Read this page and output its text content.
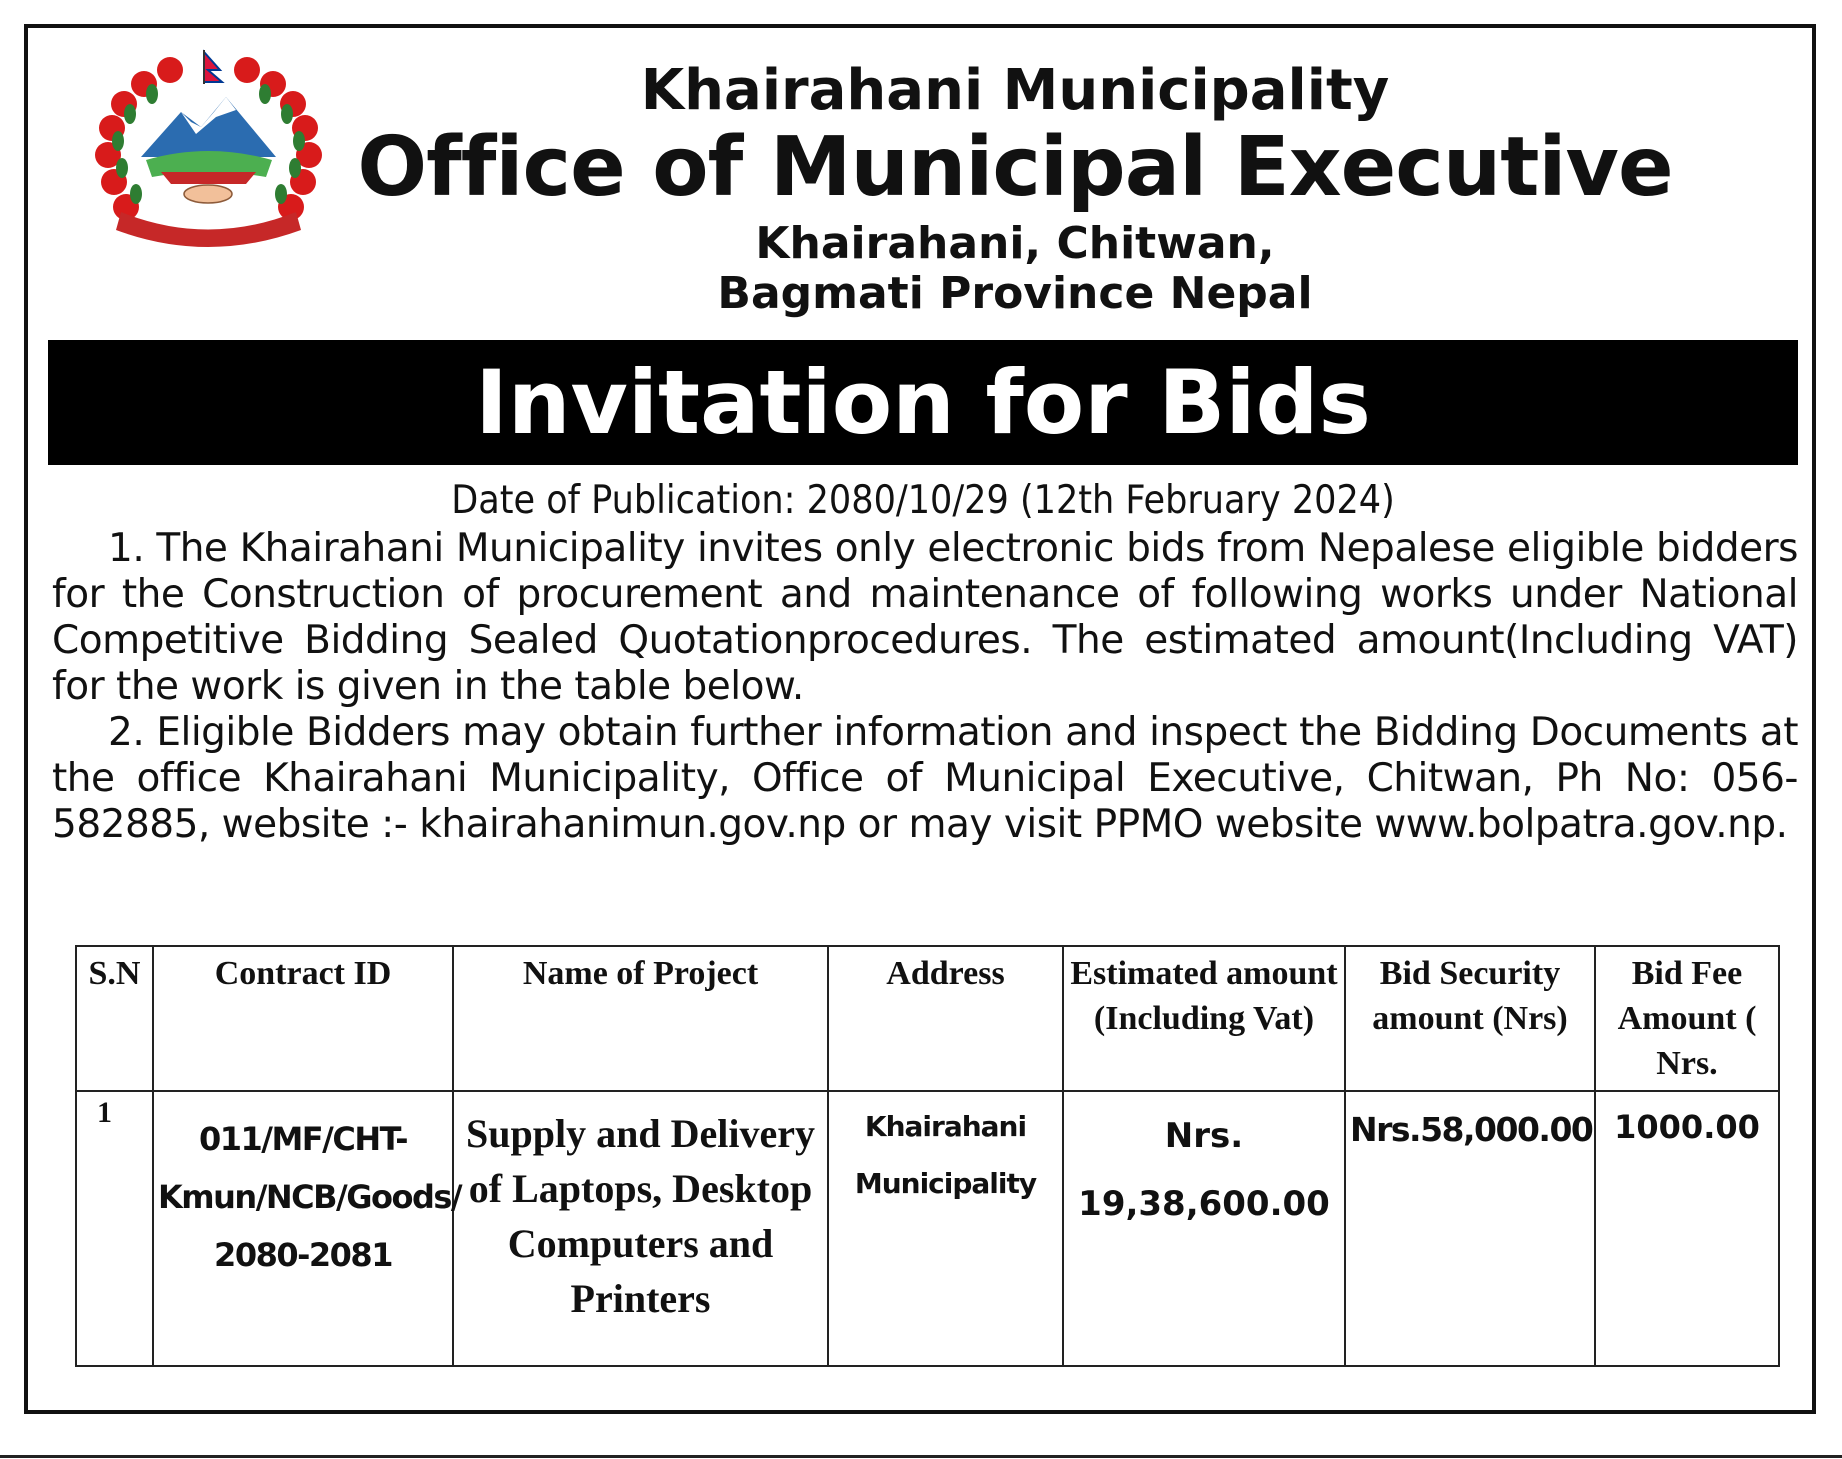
Khairahani Municipality
Office of Municipal Executive
Khairahani, Chitwan,
Bagmati Province Nepal
Invitation for Bids
Date of Publication: 2080/10/29 (12th February 2024)
1. The Khairahani Municipality invites only electronic bids from Nepalese eligible bidders for the Construction of procurement and maintenance of following works under National Competitive Bidding Sealed Quotationprocedures. The estimated amount(Including VAT) for the work is given in the table below.
2. Eligible Bidders may obtain further information and inspect the Bidding Documents at the office Khairahani Municipality, Office of Municipal Executive, Chitwan, Ph No: 056-582885, website :- khairahanimun.gov.np or may visit PPMO website www.bolpatra.gov.np.
S.N	Contract ID	Name of Project	Address	Estimated amount (Including Vat)	Bid Security amount (Nrs)	Bid Fee Amount ( Nrs.
1	011/MF/CHT-Kmun/NCB/Goods/ 2080-2081	Supply and Delivery of Laptops, Desktop Computers and Printers	Khairahani Municipality	Nrs. 19,38,600.00	Nrs.58,000.00	1000.00
